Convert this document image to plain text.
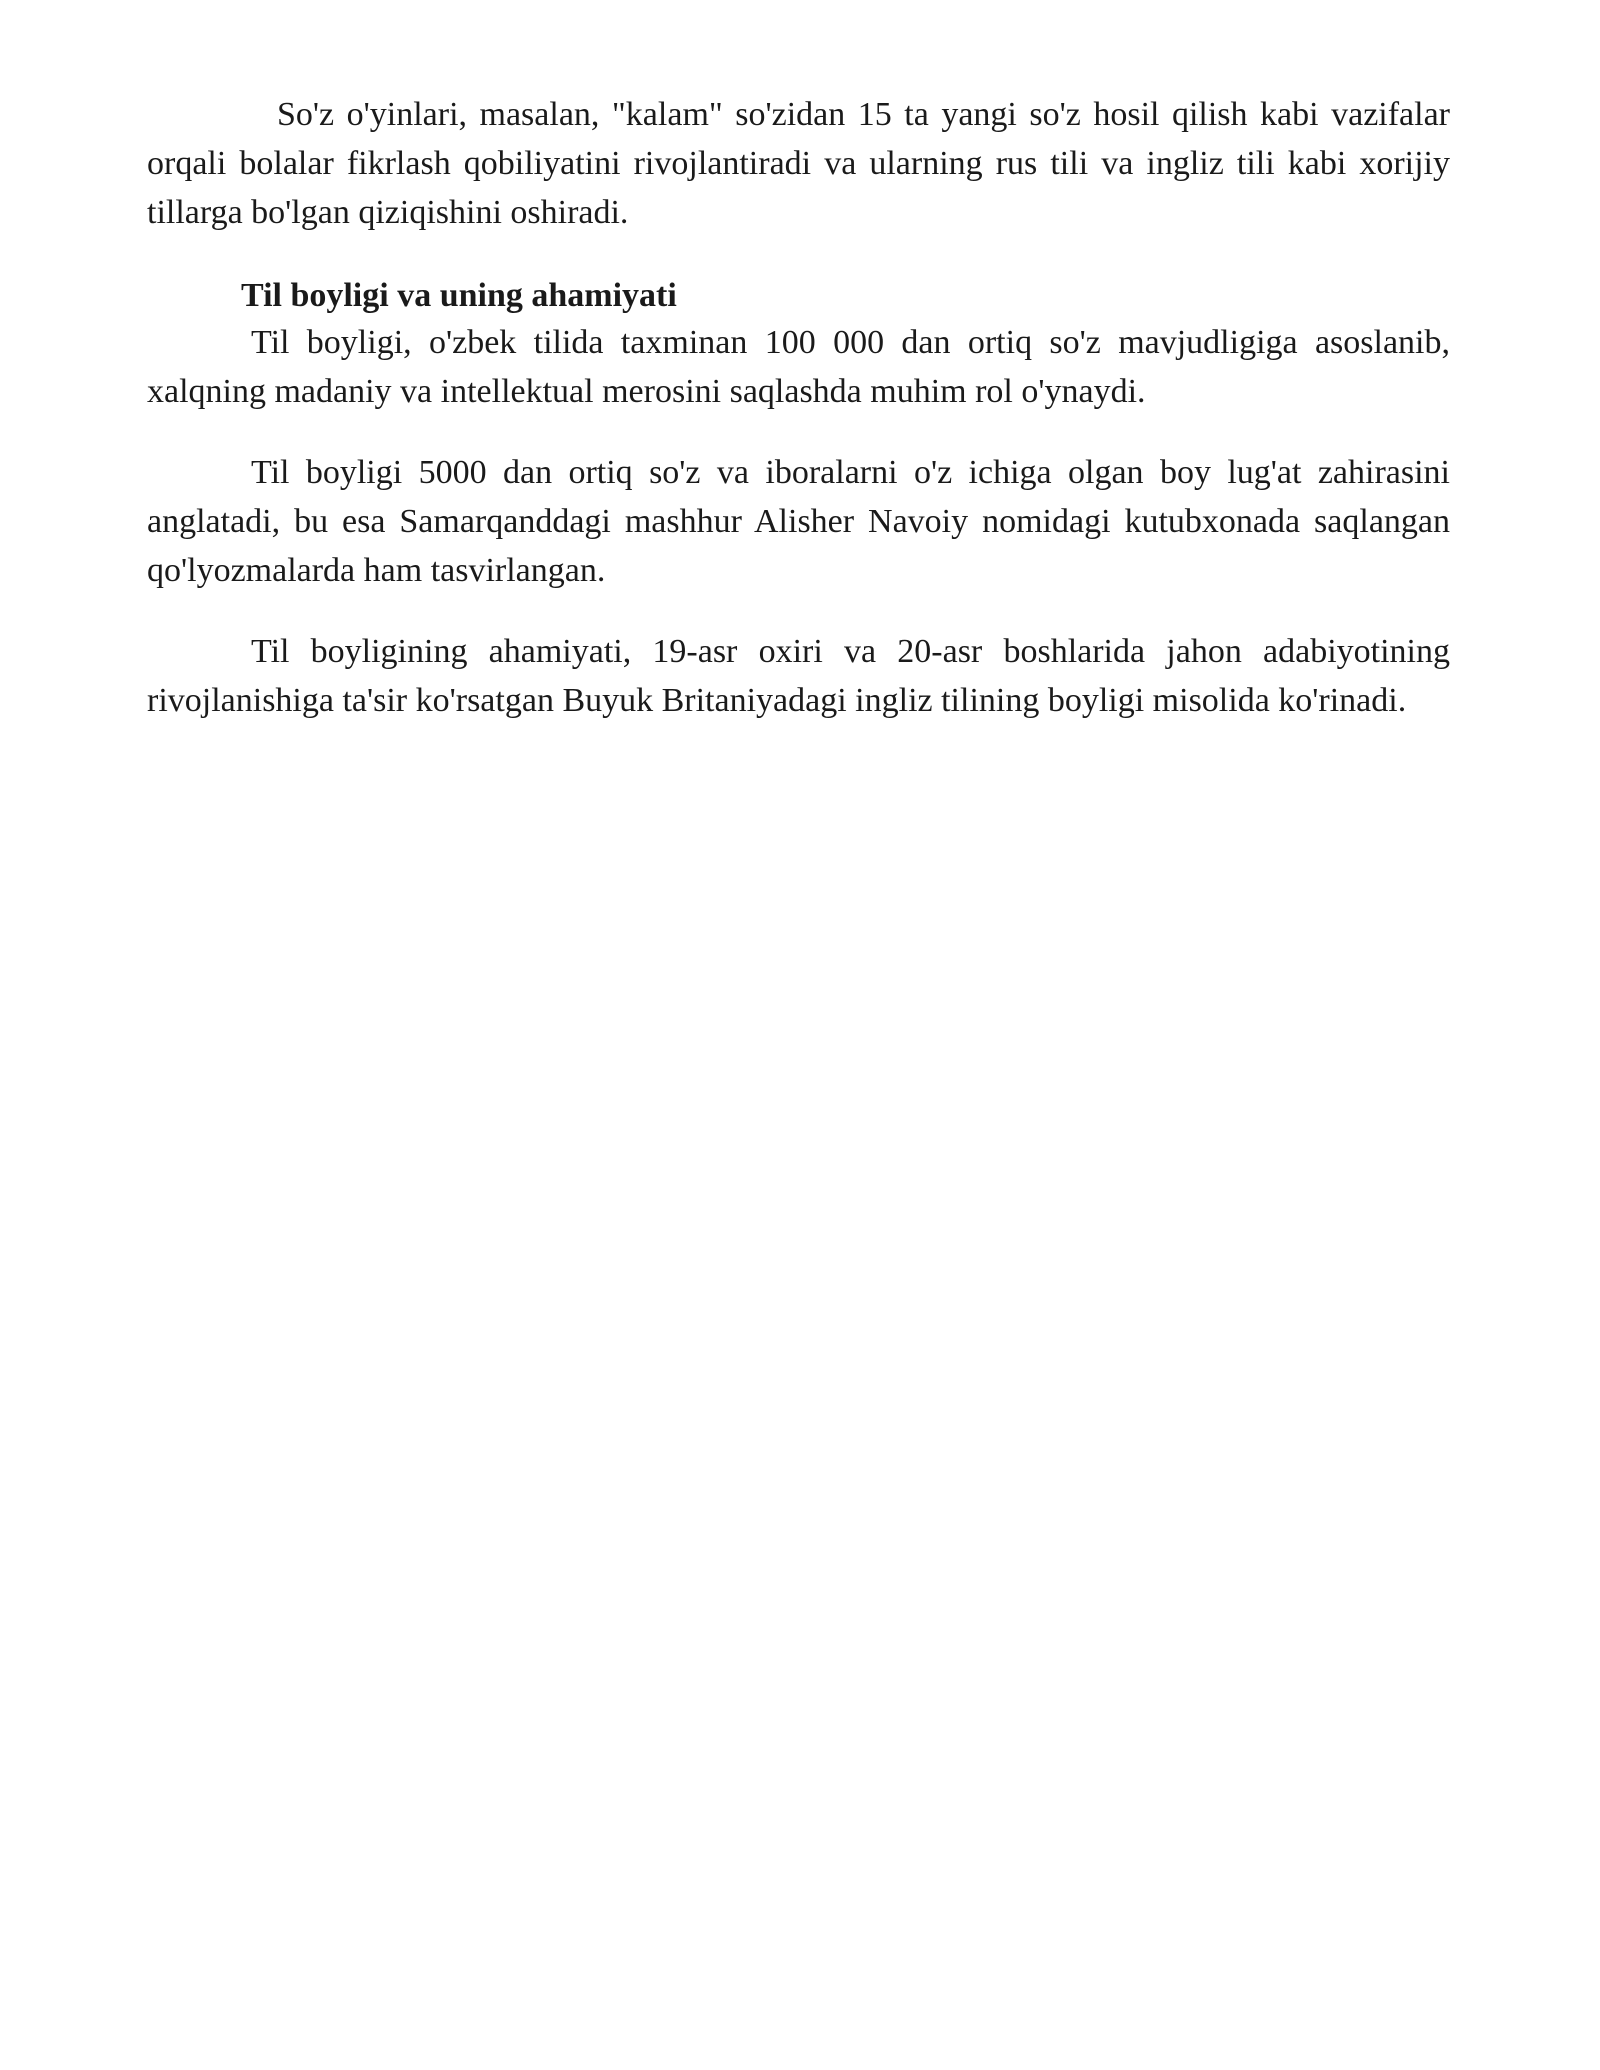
So'z o'yinlari, masalan, "kalam" so'zidan 15 ta yangi so'z hosil qilish kabi vazifalar orqali bolalar fikrlash qobiliyatini rivojlantiradi va ularning rus tili va ingliz tili kabi xorijiy tillarga bo'lgan qiziqishini oshiradi.

Til boyligi va uning ahamiyati

Til boyligi, o'zbek tilida taxminan 100 000 dan ortiq so'z mavjudligiga asoslanib, xalqning madaniy va intellektual merosini saqlashda muhim rol o'ynaydi.

Til boyligi 5000 dan ortiq so'z va iboralarni o'z ichiga olgan boy lug'at zahirasini anglatadi, bu esa Samarqanddagi mashhur Alisher Navoiy nomidagi kutubxonada saqlangan qo'lyozmalarda ham tasvirlangan.

Til boyligining ahamiyati, 19-asr oxiri va 20-asr boshlarida jahon adabiyotining rivojlanishiga ta'sir ko'rsatgan Buyuk Britaniyadagi ingliz tilining boyligi misolida ko'rinadi.
